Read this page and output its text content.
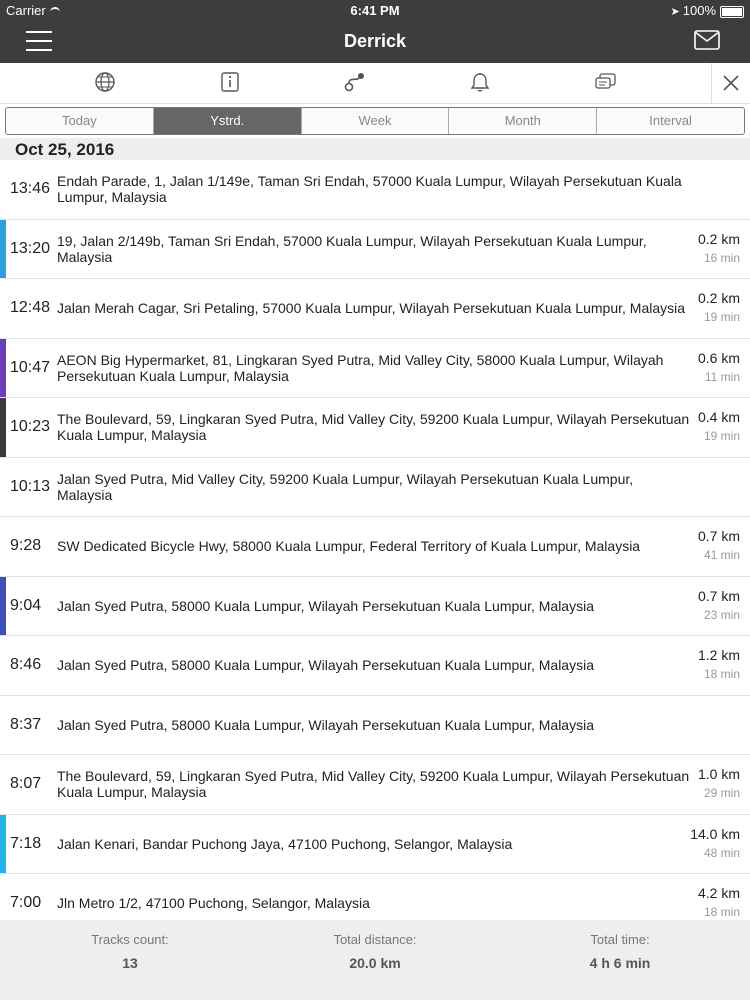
Carrier	6:41 PM	➤ 100%
Derrick
Today	Ystrd.	Week	Month	Interval
Oct 25, 2016
13:46 Endah Parade, 1, Jalan 1/149e, Taman Sri Endah, 57000 Kuala Lumpur, Wilayah Persekutuan Kuala Lumpur, Malaysia
13:20 19, Jalan 2/149b, Taman Sri Endah, 57000 Kuala Lumpur, Wilayah Persekutuan Kuala Lumpur, Malaysia
0.2 km
16 min
12:48 Jalan Merah Cagar, Sri Petaling, 57000 Kuala Lumpur, Wilayah Persekutuan Kuala Lumpur, Malaysia
0.2 km
19 min
10:47 AEON Big Hypermarket, 81, Lingkaran Syed Putra, Mid Valley City, 58000 Kuala Lumpur, Wilayah Persekutuan Kuala Lumpur, Malaysia
0.6 km
11 min
10:23 The Boulevard, 59, Lingkaran Syed Putra, Mid Valley City, 59200 Kuala Lumpur, Wilayah Persekutuan Kuala Lumpur, Malaysia
0.4 km
19 min
10:13 Jalan Syed Putra, Mid Valley City, 59200 Kuala Lumpur, Wilayah Persekutuan Kuala Lumpur, Malaysia
9:28 SW Dedicated Bicycle Hwy, 58000 Kuala Lumpur, Federal Territory of Kuala Lumpur, Malaysia
0.7 km
41 min
9:04 Jalan Syed Putra, 58000 Kuala Lumpur, Wilayah Persekutuan Kuala Lumpur, Malaysia
0.7 km
23 min
8:46 Jalan Syed Putra, 58000 Kuala Lumpur, Wilayah Persekutuan Kuala Lumpur, Malaysia
1.2 km
18 min
8:37 Jalan Syed Putra, 58000 Kuala Lumpur, Wilayah Persekutuan Kuala Lumpur, Malaysia
8:07 The Boulevard, 59, Lingkaran Syed Putra, Mid Valley City, 59200 Kuala Lumpur, Wilayah Persekutuan Kuala Lumpur, Malaysia
1.0 km
29 min
7:18 Jalan Kenari, Bandar Puchong Jaya, 47100 Puchong, Selangor, Malaysia
14.0 km
48 min
7:00 Jln Metro 1/2, 47100 Puchong, Selangor, Malaysia
4.2 km
18 min
Tracks count:
13
Total distance:
20.0 km
Total time:
4 h 6 min
